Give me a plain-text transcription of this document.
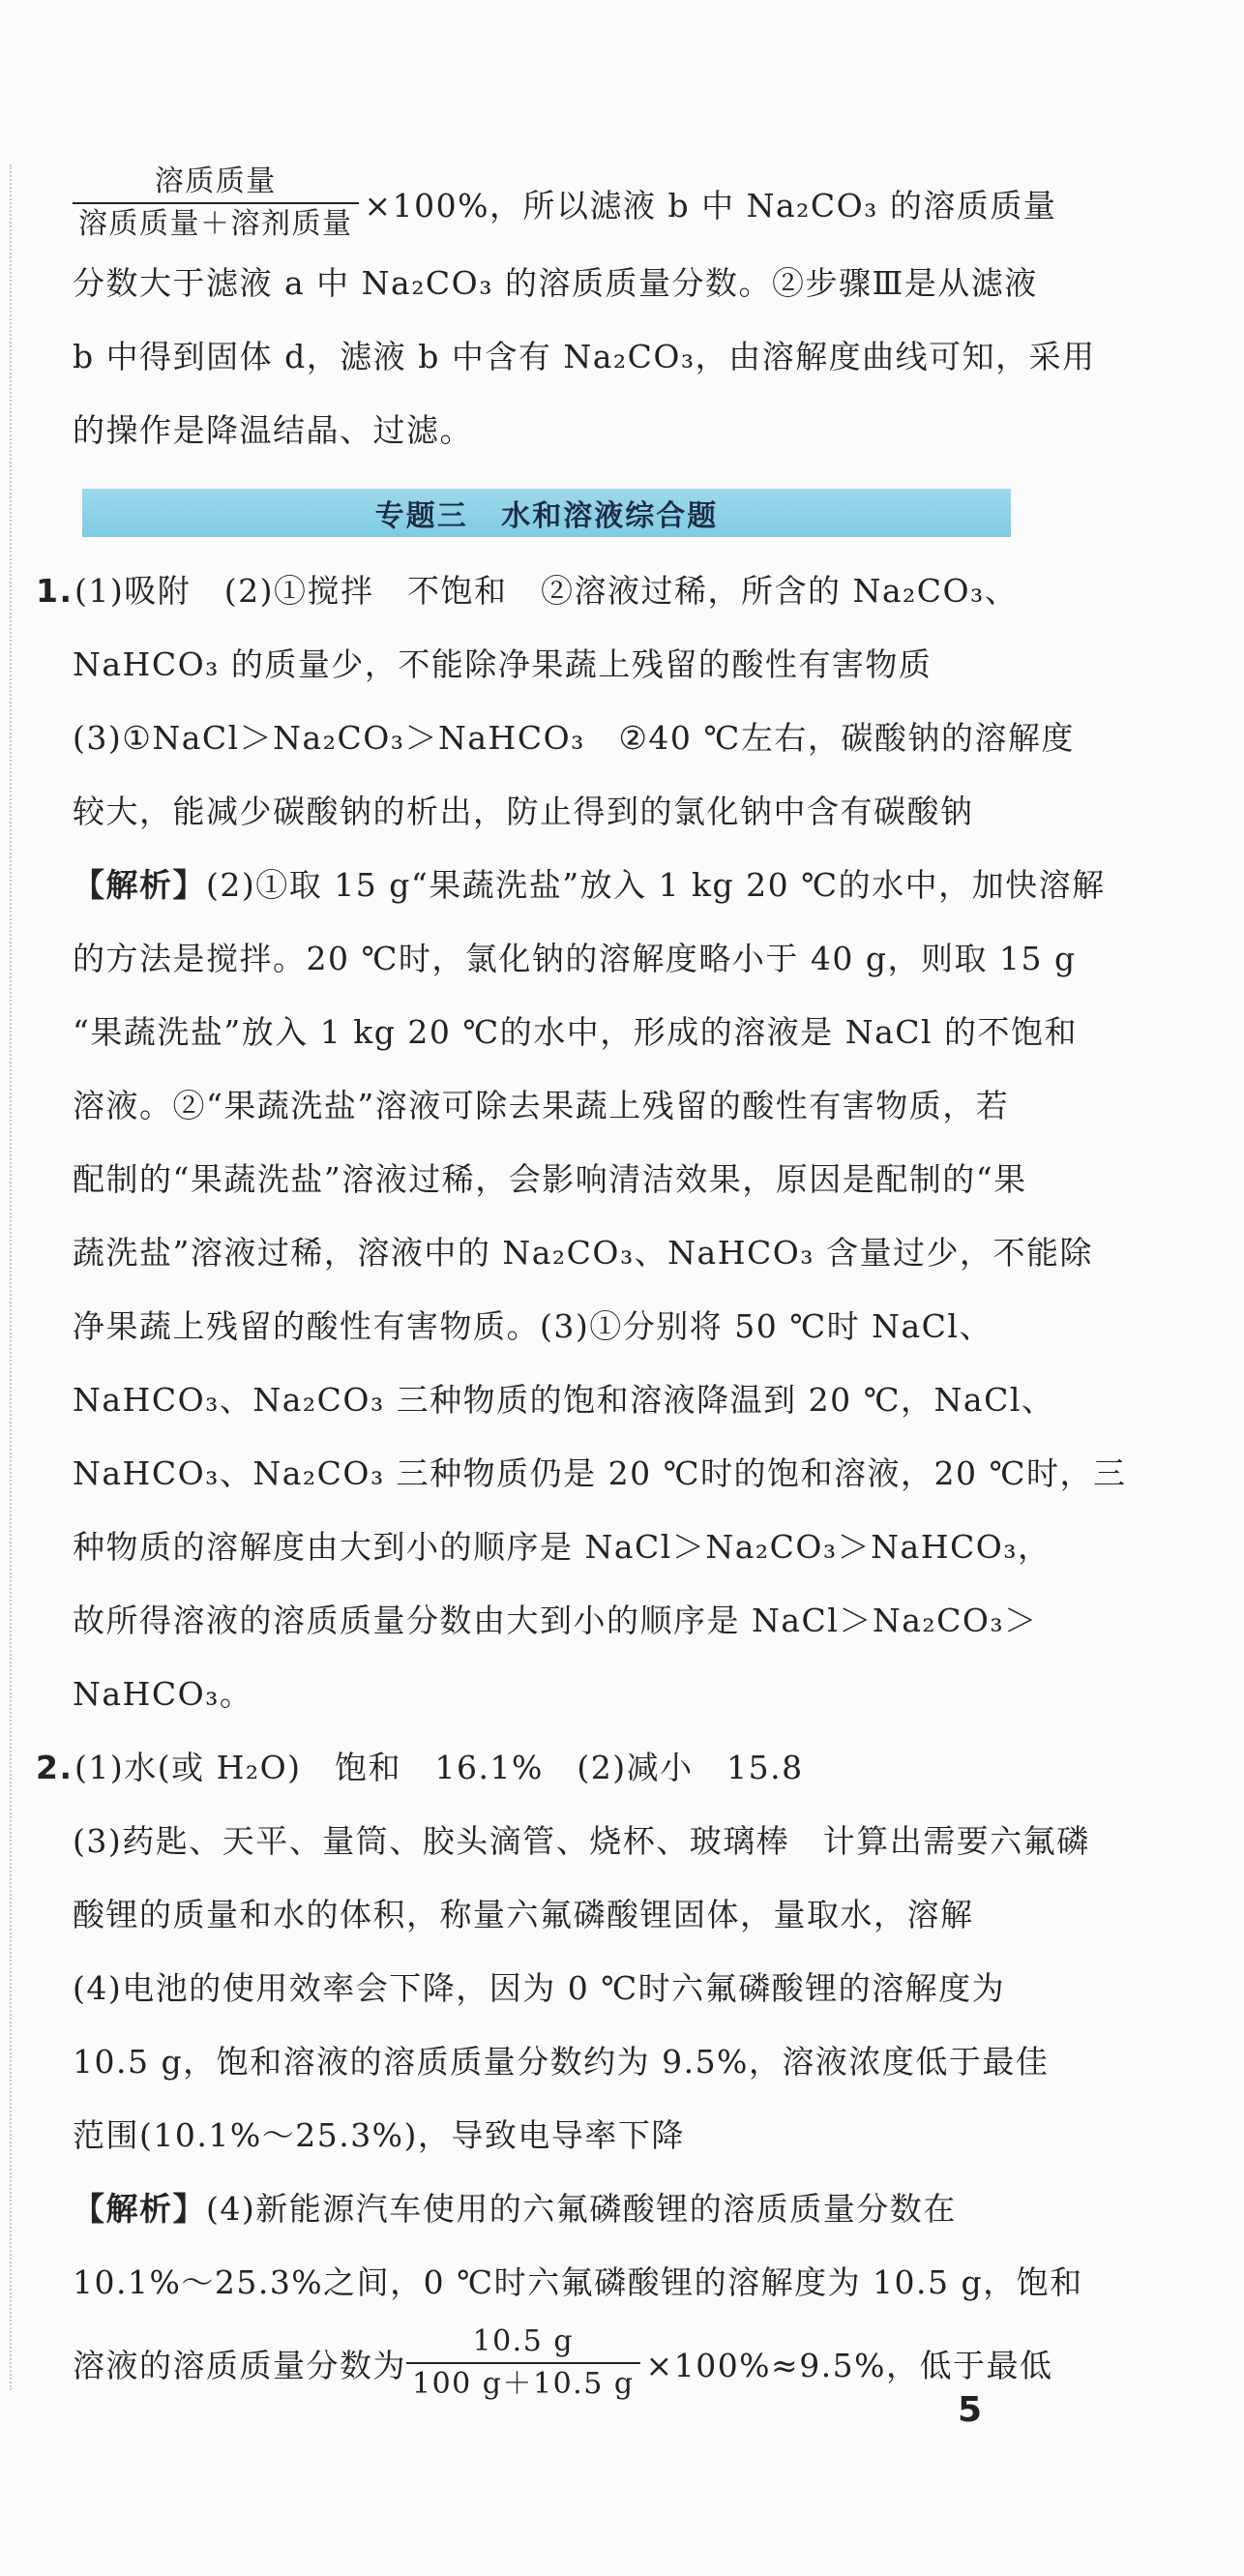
$\frac{\text{溶质质量}}{\text{溶质质量＋溶剂质量}} \times 100\%$，所以滤液 b 中 Na₂CO₃ 的溶质质量
分数大于滤液 a 中 Na₂CO₃ 的溶质质量分数。②步骤Ⅲ是从滤液
b 中得到固体 d，滤液 b 中含有 Na₂CO₃，由溶解度曲线可知，采用
的操作是降温结晶、过滤。
专题三 水和溶液综合题
1.(1)吸附　(2)①搅拌　不饱和　②溶液过稀，所含的 Na₂CO₃、
NaHCO₃ 的质量少，不能除净果蔬上残留的酸性有害物质
(3)①NaCl＞Na₂CO₃＞NaHCO₃　②40 ℃左右，碳酸钠的溶解度
较大，能减少碳酸钠的析出，防止得到的氯化钠中含有碳酸钠
【解析】(2)①取 15 g“果蔬洗盐”放入 1 kg 20 ℃的水中，加快溶解
的方法是搅拌。20 ℃时，氯化钠的溶解度略小于 40 g，则取 15 g
“果蔬洗盐”放入 1 kg 20 ℃的水中，形成的溶液是 NaCl 的不饱和
溶液。②“果蔬洗盐”溶液可除去果蔬上残留的酸性有害物质，若
配制的“果蔬洗盐”溶液过稀，会影响清洁效果，原因是配制的“果
蔬洗盐”溶液过稀，溶液中的 Na₂CO₃、NaHCO₃ 含量过少，不能除
净果蔬上残留的酸性有害物质。(3)①分别将 50 ℃时 NaCl、
NaHCO₃、Na₂CO₃ 三种物质的饱和溶液降温到 20 ℃，NaCl、
NaHCO₃、Na₂CO₃ 三种物质仍是 20 ℃时的饱和溶液，20 ℃时，三
种物质的溶解度由大到小的顺序是 NaCl＞Na₂CO₃＞NaHCO₃，
故所得溶液的溶质质量分数由大到小的顺序是 NaCl＞Na₂CO₃＞
NaHCO₃。
2.(1)水(或 H₂O)　饱和　16.1%　(2)减小　15.8
(3)药匙、天平、量筒、胶头滴管、烧杯、玻璃棒　计算出需要六氟磷
酸锂的质量和水的体积，称量六氟磷酸锂固体，量取水，溶解
(4)电池的使用效率会下降，因为 0 ℃时六氟磷酸锂的溶解度为
10.5 g，饱和溶液的溶质质量分数约为 9.5%，溶液浓度低于最佳
范围(10.1%～25.3%)，导致电导率下降
【解析】(4)新能源汽车使用的六氟磷酸锂的溶质质量分数在
10.1%～25.3%之间，0 ℃时六氟磷酸锂的溶解度为 10.5 g，饱和
溶液的溶质质量分数为 $\frac{10.5 g}{100 g+10.5 g} \times 100\%\approx 9.5\%$，低于最低
5
